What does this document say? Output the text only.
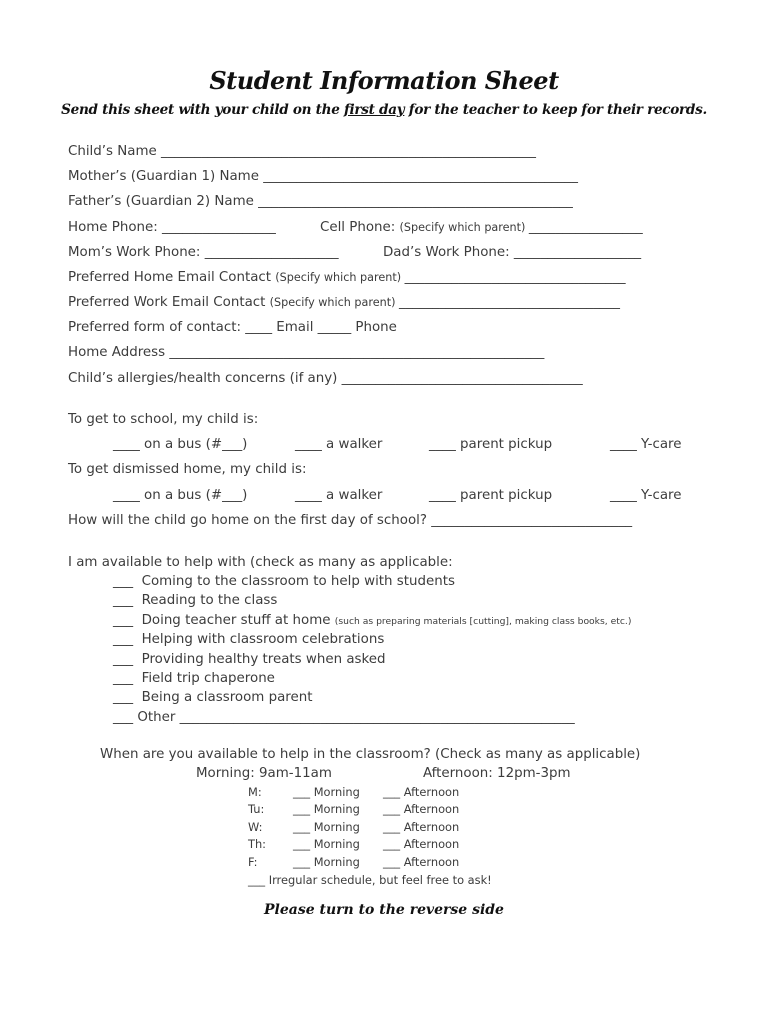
Student Information Sheet
Send this sheet with your child on the first day for the teacher to keep for their records.
Child’s Name ________________________________________________________
Mother’s (Guardian 1) Name _______________________________________________
Father’s (Guardian 2) Name _______________________________________________
Home Phone: _________________	Cell Phone: (Specify which parent) _________________
Mom’s Work Phone: ____________________	Dad’s Work Phone: ___________________
Preferred Home Email Contact (Specify which parent) _________________________________
Preferred Work Email Contact (Specify which parent) _________________________________
Preferred form of contact: ____ Email _____ Phone
Home Address ________________________________________________________
Child’s allergies/health concerns (if any) ____________________________________
To get to school, my child is:
____ on a bus (#___)	____ a walker	____ parent pickup	____ Y-care
To get dismissed home, my child is:
____ on a bus (#___)	____ a walker	____ parent pickup	____ Y-care
How will the child go home on the first day of school? ______________________________
I am available to help with (check as many as applicable:
___  Coming to the classroom to help with students
___  Reading to the class
___  Doing teacher stuff at home (such as preparing materials [cutting], making class books, etc.)
___  Helping with classroom celebrations
___  Providing healthy treats when asked
___  Field trip chaperone
___  Being a classroom parent
___ Other ___________________________________________________________
When are you available to help in the classroom? (Check as many as applicable)
Morning: 9am-11am	Afternoon: 12pm-3pm
M:	___ Morning ___ Afternoon
Tu:	___ Morning ___ Afternoon
W:	___ Morning ___ Afternoon
Th: ___ Morning ___ Afternoon
F:	___ Morning ___ Afternoon
___ Irregular schedule, but feel free to ask!
Please turn to the reverse side
